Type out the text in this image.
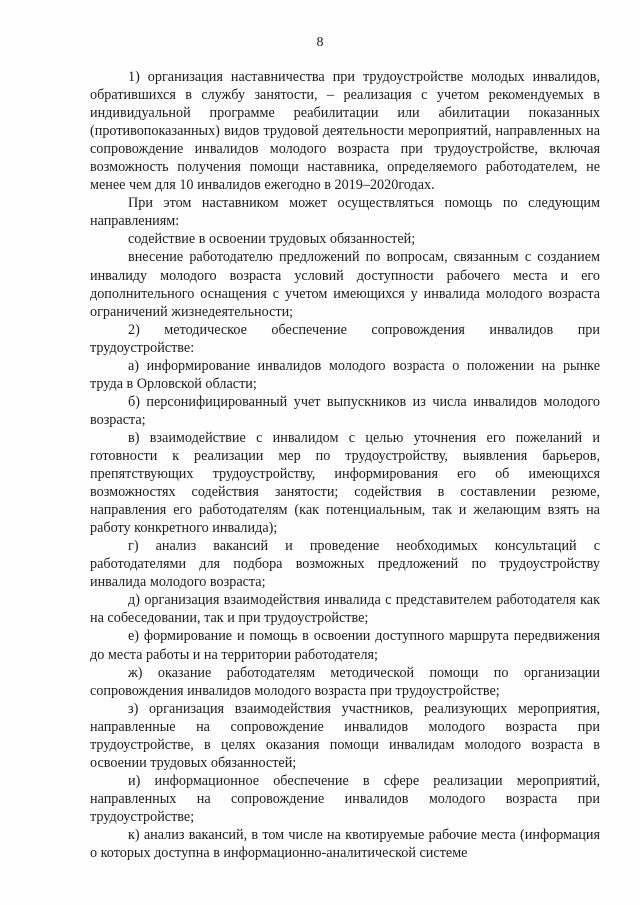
8

1) организация наставничества при трудоустройстве молодых инвалидов, обратившихся в службу занятости, – реализация с учетом рекомендуемых в индивидуальной программе реабилитации или абилитации показанных (противопоказанных) видов трудовой деятельности мероприятий, направленных на сопровождение инвалидов молодого возраста при трудоустройстве, включая возможность получения помощи наставника, определяемого работодателем, не менее чем для 10 инвалидов ежегодно в 2019–2020годах.

При этом наставником может осуществляться помощь по следующим направлениям:

содействие в освоении трудовых обязанностей;

внесение работодателю предложений по вопросам, связанным с созданием инвалиду молодого возраста условий доступности рабочего места и его дополнительного оснащения с учетом имеющихся у инвалида молодого возраста ограничений жизнедеятельности;

2) методическое обеспечение сопровождения инвалидов при трудоустройстве:

а) информирование инвалидов молодого возраста о положении на рынке труда в Орловской области;

б) персонифицированный учет выпускников из числа инвалидов молодого возраста;

в) взаимодействие с инвалидом с целью уточнения его пожеланий и готовности к реализации мер по трудоустройству, выявления барьеров, препятствующих трудоустройству, информирования его об имеющихся возможностях содействия занятости; содействия в составлении резюме, направления его работодателям (как потенциальным, так и желающим взять на работу конкретного инвалида);

г) анализ вакансий и проведение необходимых консультаций с работодателями для подбора возможных предложений по трудоустройству инвалида молодого возраста;

д) организация взаимодействия инвалида с представителем работодателя как на собеседовании, так и при трудоустройстве;

е) формирование и помощь в освоении доступного маршрута передвижения до места работы и на территории работодателя;

ж) оказание работодателям методической помощи по организации сопровождения инвалидов молодого возраста при трудоустройстве;

з) организация взаимодействия участников, реализующих мероприятия, направленные на сопровождение инвалидов молодого возраста при трудоустройстве, в целях оказания помощи инвалидам молодого возраста в освоении трудовых обязанностей;

и) информационное обеспечение в сфере реализации мероприятий, направленных на сопровождение инвалидов молодого возраста при трудоустройстве;

к) анализ вакансий, в том числе на квотируемые рабочие места (информация о которых доступна в информационно-аналитической системе
